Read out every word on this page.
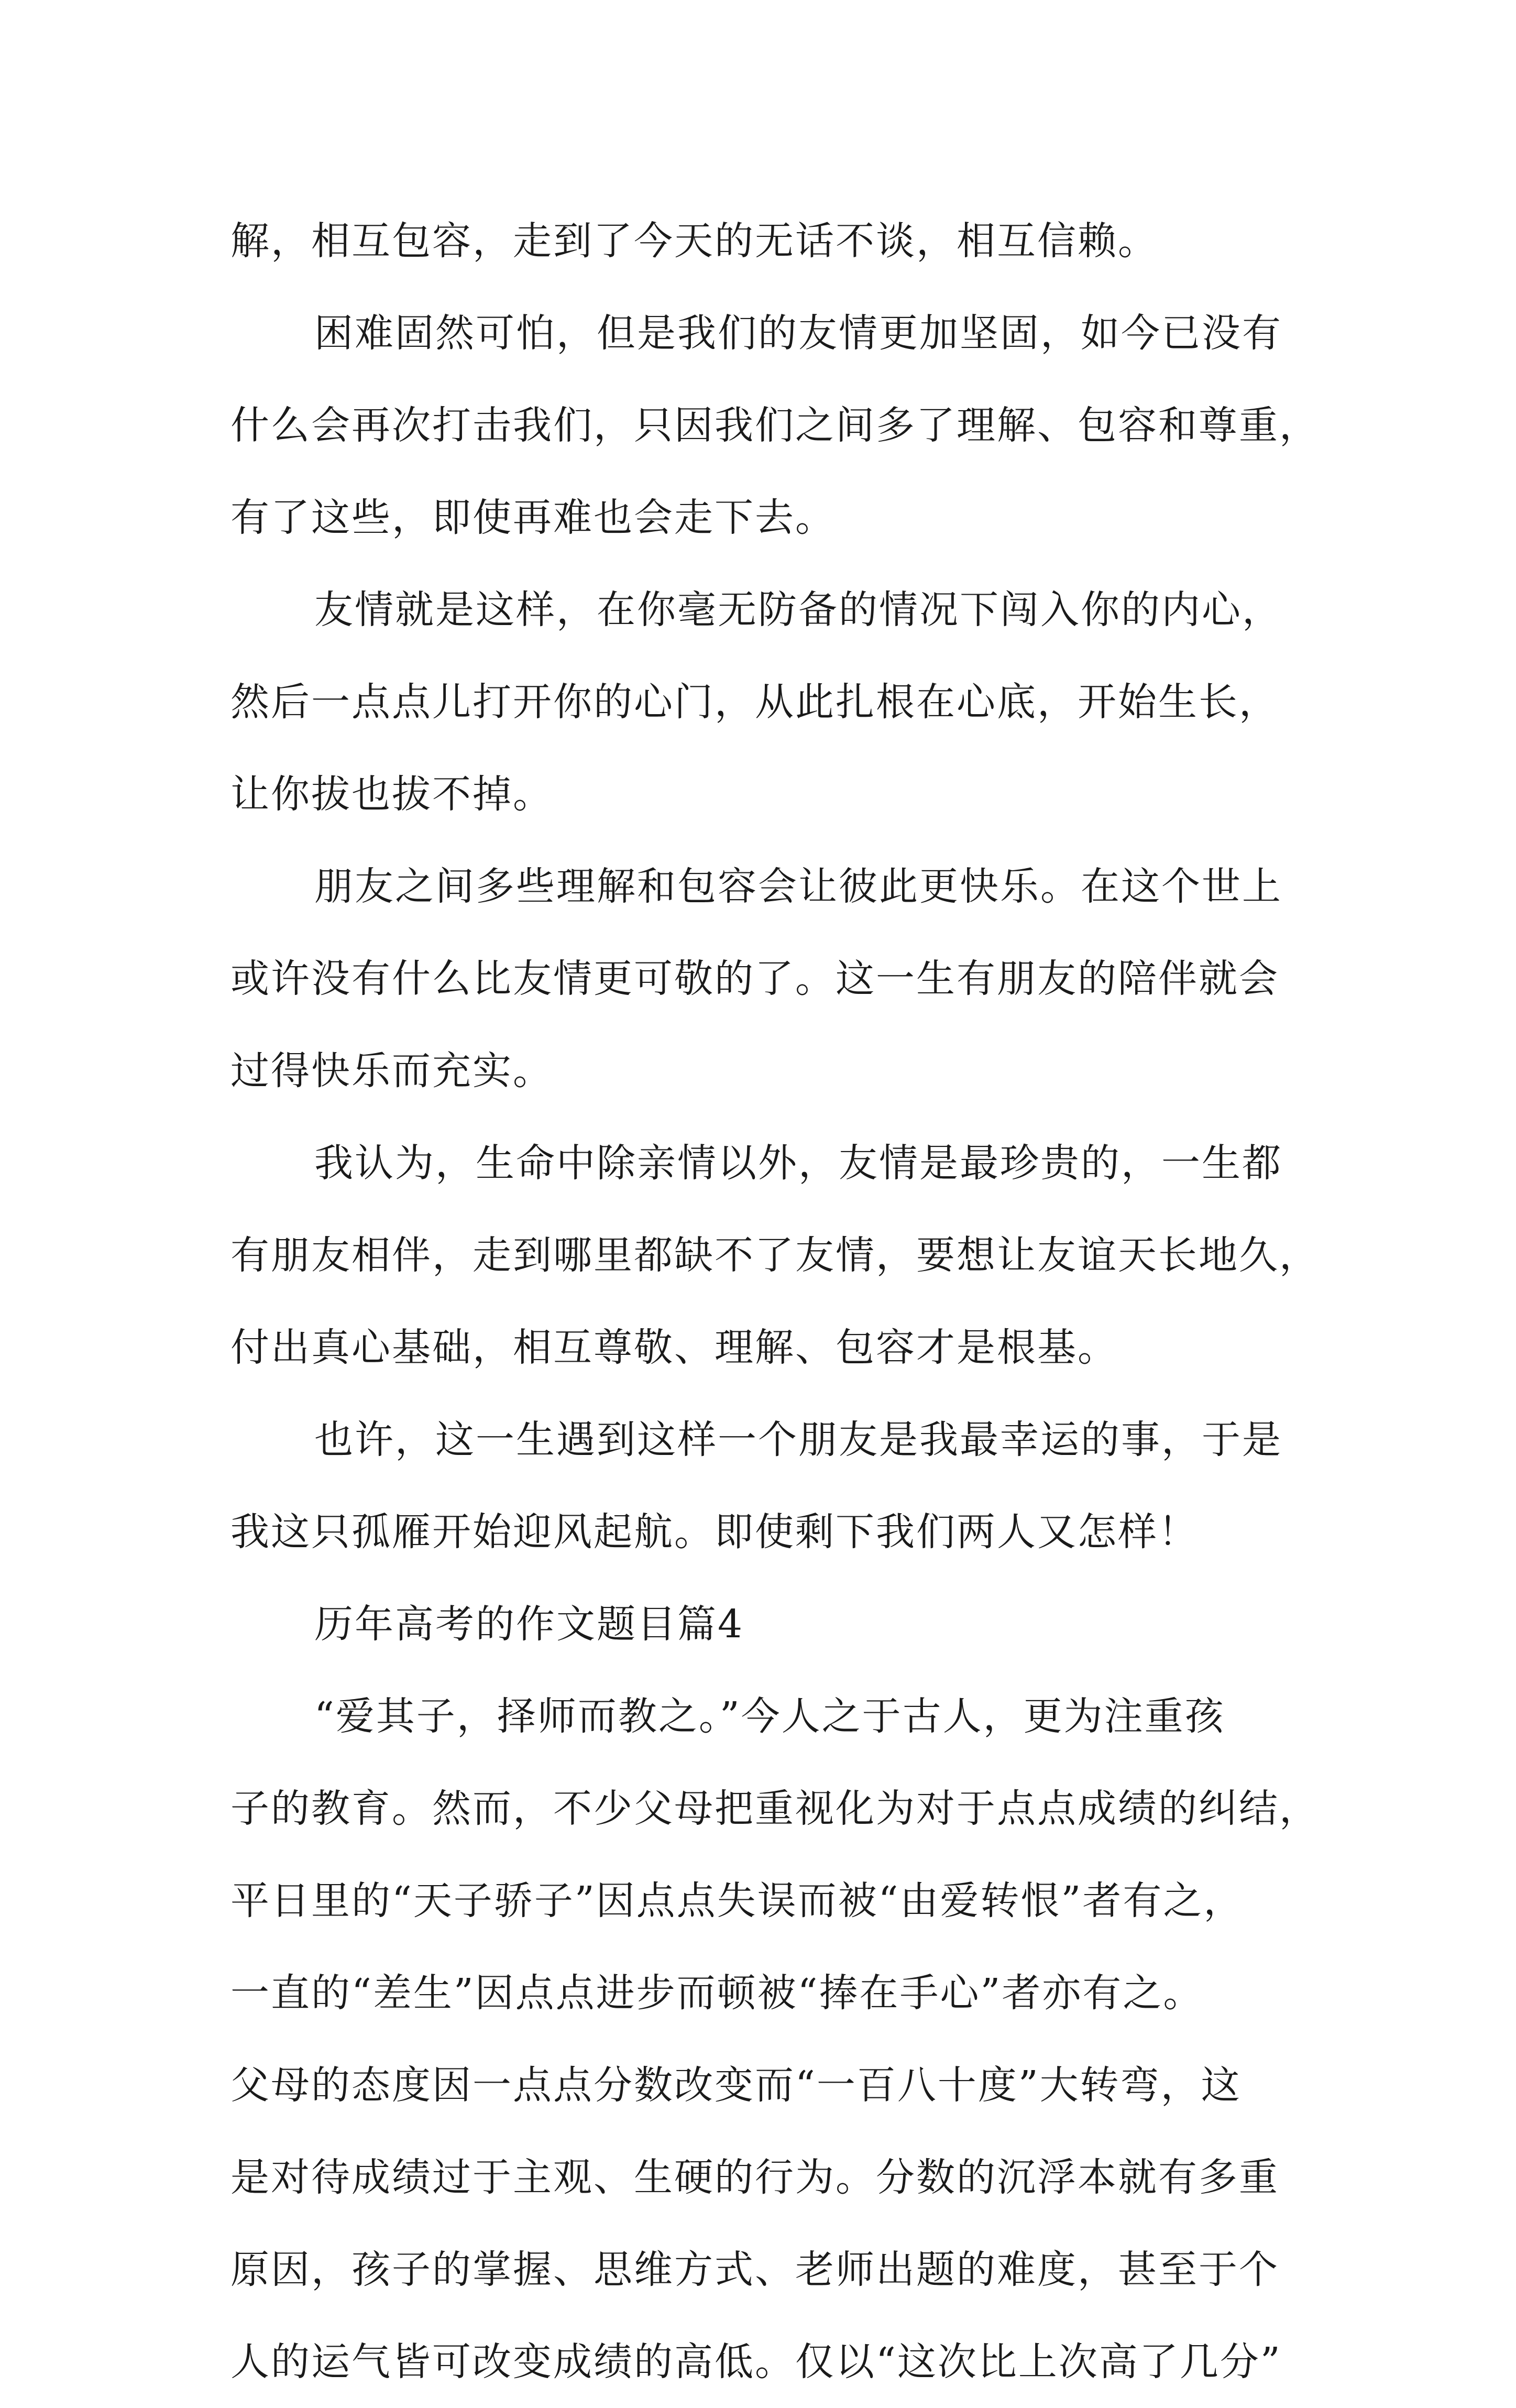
解，相互包容，走到了今天的无话不谈，相互信赖。
困难固然可怕，但是我们的友情更加坚固，如今已没有
什么会再次打击我们，只因我们之间多了理解、包容和尊重，
有了这些，即使再难也会走下去。
友情就是这样，在你毫无防备的情况下闯入你的内心，
然后一点点儿打开你的心门，从此扎根在心底，开始生长，
让你拔也拔不掉。
朋友之间多些理解和包容会让彼此更快乐。在这个世上
或许没有什么比友情更可敬的了。这一生有朋友的陪伴就会
过得快乐而充实。
我认为，生命中除亲情以外，友情是最珍贵的，一生都
有朋友相伴，走到哪里都缺不了友情，要想让友谊天长地久，
付出真心基础，相互尊敬、理解、包容才是根基。
也许，这一生遇到这样一个朋友是我最幸运的事，于是
我这只孤雁开始迎风起航。即使剩下我们两人又怎样！
历年高考的作文题目篇4
“爱其子，择师而教之。”今人之于古人，更为注重孩
子的教育。然而，不少父母把重视化为对于点点成绩的纠结，
平日里的“天子骄子”因点点失误而被“由爱转恨”者有之，
一直的“差生”因点点进步而顿被“捧在手心”者亦有之。
父母的态度因一点点分数改变而“一百八十度”大转弯，这
是对待成绩过于主观、生硬的行为。分数的沉浮本就有多重
原因，孩子的掌握、思维方式、老师出题的难度，甚至于个
人的运气皆可改变成绩的高低。仅以“这次比上次高了几分”
